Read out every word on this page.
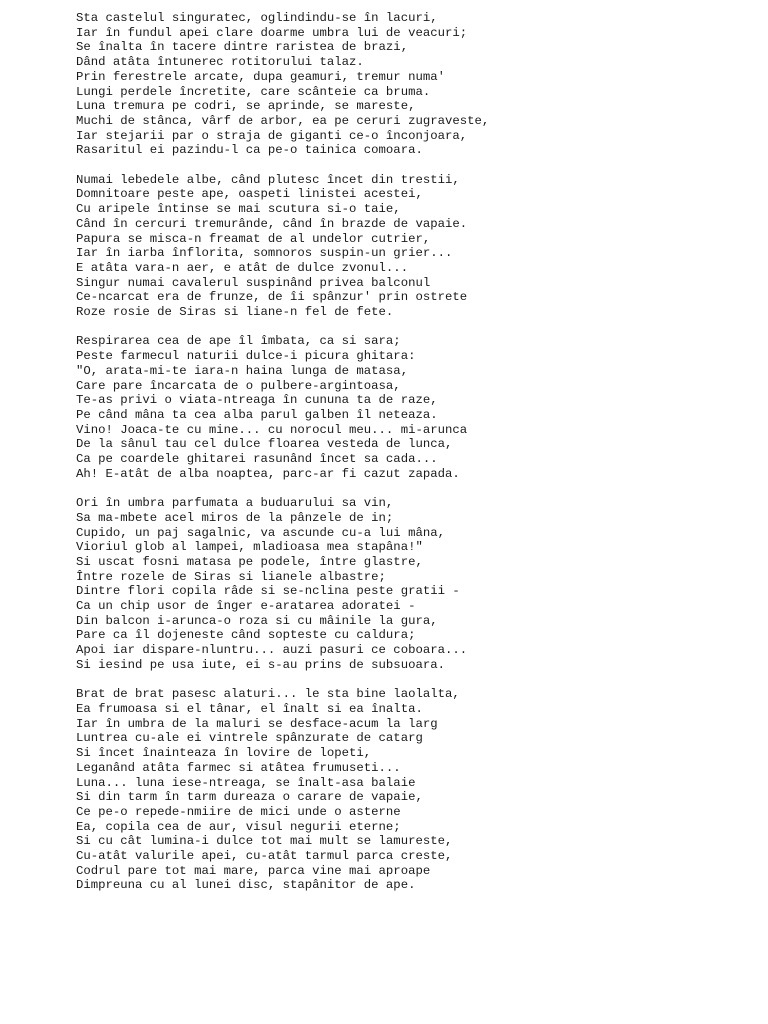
Sta castelul singuratec, oglindindu-se în lacuri,
Iar în fundul apei clare doarme umbra lui de veacuri;
Se înalta în tacere dintre raristea de brazi,
Dând atâta întunerec rotitorului talaz.
Prin ferestrele arcate, dupa geamuri, tremur numa'
Lungi perdele încretite, care scânteie ca bruma.
Luna tremura pe codri, se aprinde, se mareste,
Muchi de stânca, vârf de arbor, ea pe ceruri zugraveste,
Iar stejarii par o straja de giganti ce-o înconjoara,
Rasaritul ei pazindu-l ca pe-o tainica comoara.
Numai lebedele albe, când plutesc încet din trestii,
Domnitoare peste ape, oaspeti linistei acestei,
Cu aripele întinse se mai scutura si-o taie,
Când în cercuri tremurânde, când în brazde de vapaie.
Papura se misca-n freamat de al undelor cutrier,
Iar în iarba înflorita, somnoros suspin-un grier...
E atâta vara-n aer, e atât de dulce zvonul...
Singur numai cavalerul suspinând privea balconul
Ce-ncarcat era de frunze, de îi spânzur' prin ostrete
Roze rosie de Siras si liane-n fel de fete.
Respirarea cea de ape îl îmbata, ca si sara;
Peste farmecul naturii dulce-i picura ghitara:
"O, arata-mi-te iara-n haina lunga de matasa,
Care pare încarcata de o pulbere-argintoasa,
Te-as privi o viata-ntreaga în cununa ta de raze,
Pe când mâna ta cea alba parul galben îl neteaza.
Vino! Joaca-te cu mine... cu norocul meu... mi-arunca
De la sânul tau cel dulce floarea vesteda de lunca,
Ca pe coardele ghitarei rasunând încet sa cada...
Ah! E-atât de alba noaptea, parc-ar fi cazut zapada.
Ori în umbra parfumata a buduarului sa vin,
Sa ma-mbete acel miros de la pânzele de in;
Cupido, un paj sagalnic, va ascunde cu-a lui mâna,
Vioriul glob al lampei, mladioasa mea stapâna!"
Si uscat fosni matasa pe podele, între glastre,
Între rozele de Siras si lianele albastre;
Dintre flori copila râde si se-nclina peste gratii -
Ca un chip usor de înger e-aratarea adoratei -
Din balcon i-arunca-o roza si cu mâinile la gura,
Pare ca îl dojeneste când sopteste cu caldura;
Apoi iar dispare-nluntru... auzi pasuri ce coboara...
Si iesind pe usa iute, ei s-au prins de subsuoara.
Brat de brat pasesc alaturi... le sta bine laolalta,
Ea frumoasa si el tânar, el înalt si ea înalta.
Iar în umbra de la maluri se desface-acum la larg
Luntrea cu-ale ei vintrele spânzurate de catarg
Si încet înainteaza în lovire de lopeti,
Leganând atâta farmec si atâtea frumuseti...
Luna... luna iese-ntreaga, se înalt-asa balaie
Si din tarm în tarm dureaza o carare de vapaie,
Ce pe-o repede-nmiire de mici unde o asterne
Ea, copila cea de aur, visul negurii eterne;
Si cu cât lumina-i dulce tot mai mult se lamureste,
Cu-atât valurile apei, cu-atât tarmul parca creste,
Codrul pare tot mai mare, parca vine mai aproape
Dimpreuna cu al lunei disc, stapânitor de ape.
